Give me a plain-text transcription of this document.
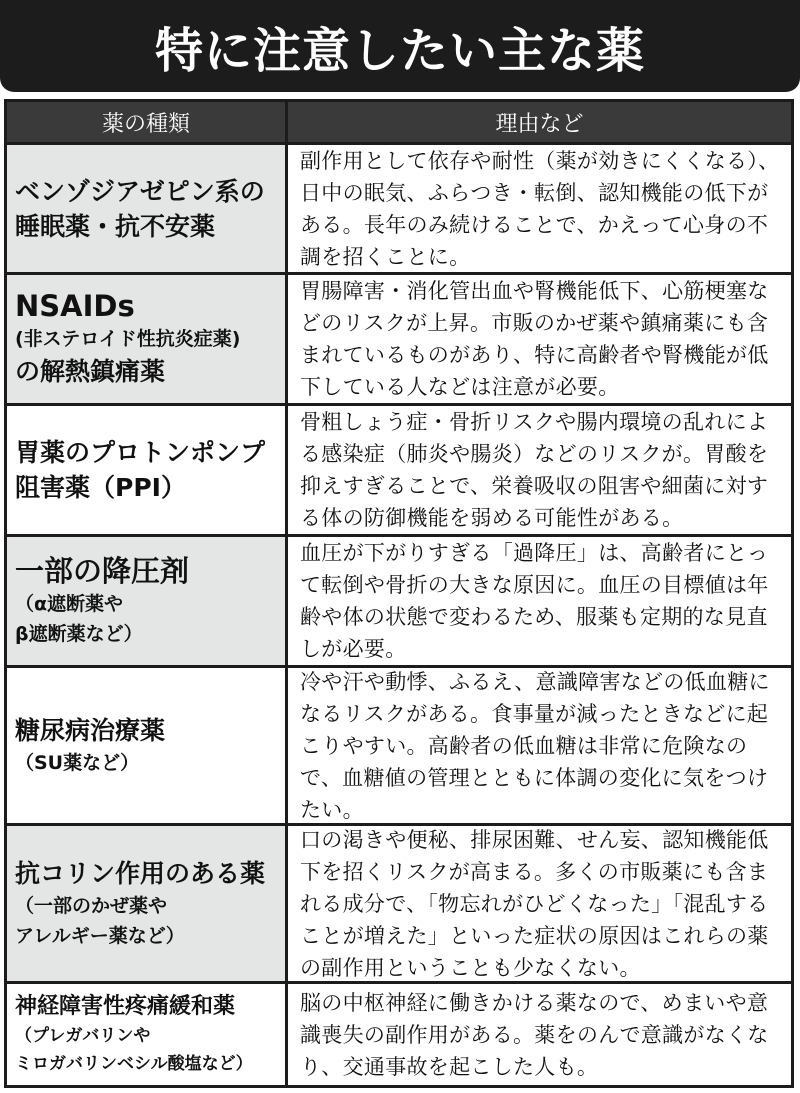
特に注意したい主な薬
薬の種類	理由など
ベンゾジアゼピン系の
睡眠薬・抗不安薬
副作用として依存や耐性（薬が効きにくくなる）、日中の眠気、ふらつき・転倒、認知機能の低下がある。長年のみ続けることで、かえって心身の不調を招くことに。
NSAIDs
(非ステロイド性抗炎症薬)
の解熱鎮痛薬
胃腸障害・消化管出血や腎機能低下、心筋梗塞などのリスクが上昇。市販のかぜ薬や鎮痛薬にも含まれているものがあり、特に高齢者や腎機能が低下している人などは注意が必要。
胃薬のプロトンポンプ
阻害薬（PPI）
骨粗しょう症・骨折リスクや腸内環境の乱れによる感染症（肺炎や腸炎）などのリスクが。胃酸を抑えすぎることで、栄養吸収の阻害や細菌に対する体の防御機能を弱める可能性がある。
一部の降圧剤
（α遮断薬や
β遮断薬など）
血圧が下がりすぎる「過降圧」は、高齢者にとって転倒や骨折の大きな原因に。血圧の目標値は年齢や体の状態で変わるため、服薬も定期的な見直しが必要。
糖尿病治療薬
（SU薬など）
冷や汗や動悸、ふるえ、意識障害などの低血糖になるリスクがある。食事量が減ったときなどに起こりやすい。高齢者の低血糖は非常に危険なので、血糖値の管理とともに体調の変化に気をつけたい。
抗コリン作用のある薬
（一部のかぜ薬や
アレルギー薬など）
口の渇きや便秘、排尿困難、せん妄、認知機能低下を招くリスクが高まる。多くの市販薬にも含まれる成分で、「物忘れがひどくなった」「混乱することが増えた」といった症状の原因はこれらの薬の副作用ということも少なくない。
神経障害性疼痛緩和薬
（プレガバリンや
ミロガバリンベシル酸塩など）
脳の中枢神経に働きかける薬なので、めまいや意識喪失の副作用がある。薬をのんで意識がなくなり、交通事故を起こした人も。
